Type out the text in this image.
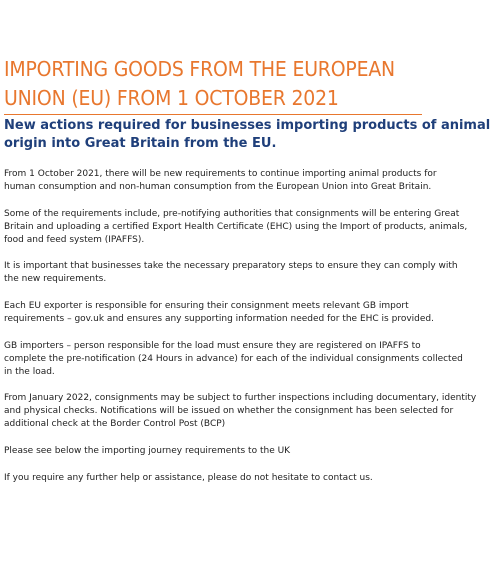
IMPORTING GOODS FROM THE EUROPEAN
UNION (EU) FROM 1 OCTOBER 2021
New actions required for businesses importing products of animal
origin into Great Britain from the EU.

From 1 October 2021, there will be new requirements to continue importing animal products for
human consumption and non-human consumption from the European Union into Great Britain.

Some of the requirements include, pre-notifying authorities that consignments will be entering Great
Britain and uploading a certified Export Health Certificate (EHC) using the Import of products, animals,
food and feed system (IPAFFS).

It is important that businesses take the necessary preparatory steps to ensure they can comply with
the new requirements.

Each EU exporter is responsible for ensuring their consignment meets relevant GB import
requirements – gov.uk and ensures any supporting information needed for the EHC is provided.

GB importers – person responsible for the load must ensure they are registered on IPAFFS to
complete the pre-notification (24 Hours in advance) for each of the individual consignments collected
in the load.

From January 2022, consignments may be subject to further inspections including documentary, identity
and physical checks. Notifications will be issued on whether the consignment has been selected for
additional check at the Border Control Post (BCP)

Please see below the importing journey requirements to the UK

If you require any further help or assistance, please do not hesitate to contact us.
